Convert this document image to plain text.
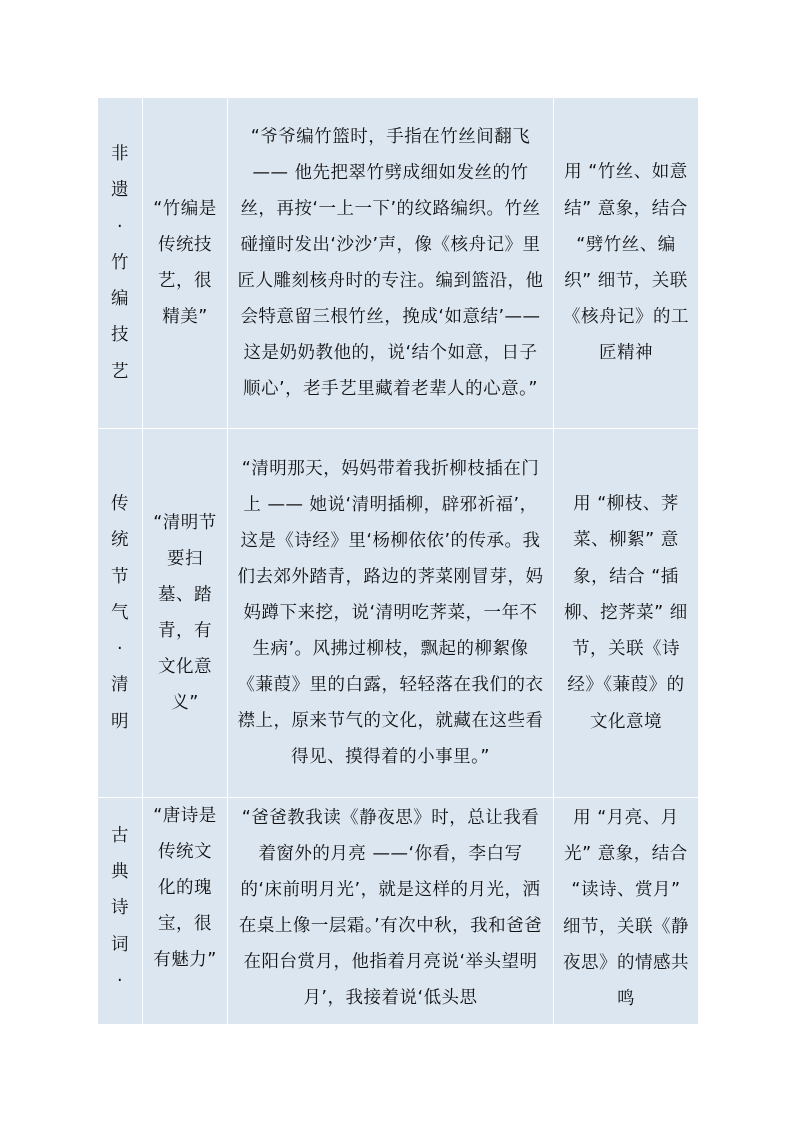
非遗·竹编技艺	“竹编是传统技艺，很精美”	“爷爷编竹篮时，手指在竹丝间翻飞—— 他先把翠竹劈成细如发丝的竹丝，再按‘一上一下’的纹路编织。竹丝碰撞时发出‘沙沙’声，像《核舟记》里匠人雕刻核舟时的专注。编到篮沿，他会特意留三根竹丝，挽成‘如意结’—— 这是奶奶教他的，说‘结个如意，日子顺心’，老手艺里藏着老辈人的心意。”	用 “竹丝、如意结” 意象，结合 “劈竹丝、编织” 细节，关联《核舟记》的工匠精神

传统节气·清明	“清明节要扫墓、踏青，有文化意义”	“清明那天，妈妈带着我折柳枝插在门上 —— 她说‘清明插柳，辟邪祈福’，这是《诗经》里‘杨柳依依’的传承。我们去郊外踏青，路边的荠菜刚冒芽，妈妈蹲下来挖，说‘清明吃荠菜，一年不生病’。风拂过柳枝，飘起的柳絮像《蒹葭》里的白露，轻轻落在我们的衣襟上，原来节气的文化，就藏在这些看得见、摸得着的小事里。”	用 “柳枝、荠菜、柳絮” 意象，结合 “插柳、挖荠菜” 细节，关联《诗经》《蒹葭》的文化意境

古典诗词·	“唐诗是传统文化的瑰宝，很有魅力”	“爸爸教我读《静夜思》时，总让我看着窗外的月亮 ——‘你看，李白写的‘床前明月光’，就是这样的月光，洒在桌上像一层霜。’有次中秋，我和爸爸在阳台赏月，他指着月亮说‘举头望明月’，我接着说‘低头思	用 “月亮、月光” 意象，结合 “读诗、赏月” 细节，关联《静夜思》的情感共鸣
